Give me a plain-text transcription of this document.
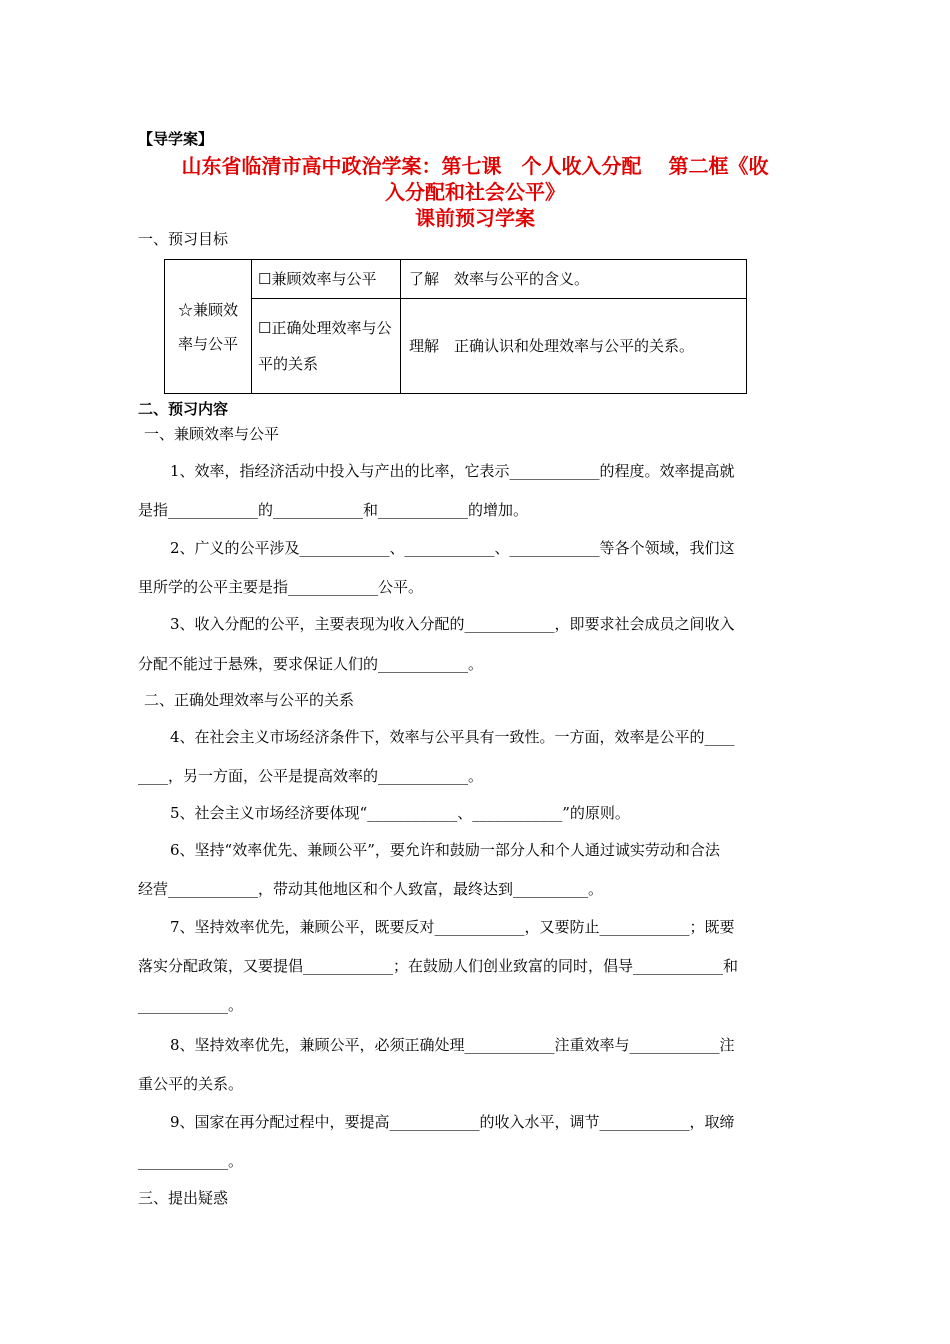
【导学案】
山东省临清市高中政治学案：第七课　个人收入分配　 第二框《收
入分配和社会公平》
课前预习学案
一、预习目标
☆兼顾效率与公平	☐兼顾效率与公平	了解　 效率与公平的含义。
	☐正确处理效率与公平的关系	理解　 正确认识和处理效率与公平的关系。
二、预习内容
一、兼顾效率与公平
1、效率，指经济活动中投入与产出的比率，它表示____________的程度。效率提高就
是指____________的____________和____________的增加。
2、广义的公平涉及____________、____________、____________等各个领域，我们这
里所学的公平主要是指____________公平。
3、收入分配的公平，主要表现为收入分配的____________，即要求社会成员之间收入
分配不能过于悬殊，要求保证人们的____________。
二、正确处理效率与公平的关系
4、在社会主义市场经济条件下，效率与公平具有一致性。一方面，效率是公平的____
____，另一方面，公平是提高效率的____________。
5、社会主义市场经济要体现“____________、____________”的原则。
6、坚持“效率优先、兼顾公平”，要允许和鼓励一部分人和个人通过诚实劳动和合法
经营____________，带动其他地区和个人致富，最终达到__________。
7、坚持效率优先，兼顾公平，既要反对____________，又要防止____________；既要
落实分配政策，又要提倡____________；在鼓励人们创业致富的同时，倡导____________和
____________。
8、坚持效率优先，兼顾公平，必须正确处理____________注重效率与____________注
重公平的关系。
9、国家在再分配过程中，要提高____________的收入水平，调节____________，取缔
____________。
三、提出疑惑
